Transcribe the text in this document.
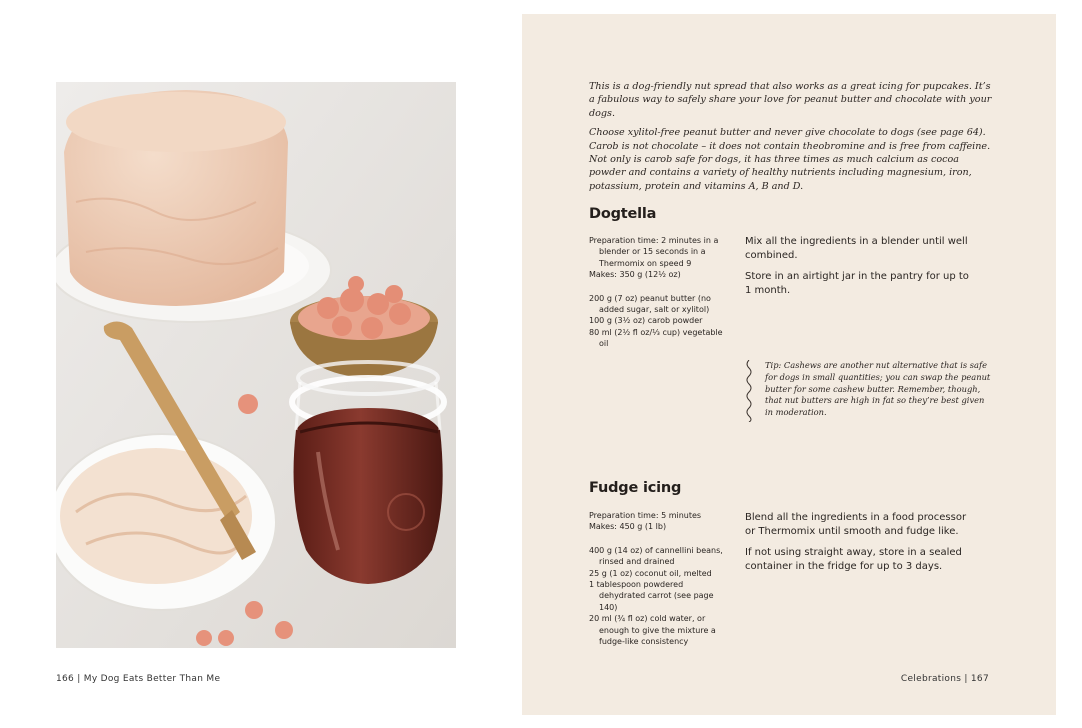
166 | My Dog Eats Better Than Me

This is a dog-friendly nut spread that also works as a great icing for pupcakes. It’s a fabulous way to safely share your love for peanut butter and chocolate with your dogs.

Choose xylitol-free peanut butter and never give chocolate to dogs (see page 64). Carob is not chocolate – it does not contain theobromine and is free from caffeine. Not only is carob safe for dogs, it has three times as much calcium as cocoa powder and contains a variety of healthy nutrients including magnesium, iron, potassium, protein and vitamins A, B and D.

Dogtella
Preparation time: 2 minutes in a blender or 15 seconds in a Thermomix on speed 9
Makes: 350 g (12½ oz)
200 g (7 oz) peanut butter (no added sugar, salt or xylitol)
100 g (3½ oz) carob powder
80 ml (2½ fl oz/⅓ cup) vegetable oil

Mix all the ingredients in a blender until well combined.

Store in an airtight jar in the pantry for up to 1 month.

Tip: Cashews are another nut alternative that is safe for dogs in small quantities; you can swap the peanut butter for some cashew butter. Remember, though, that nut butters are high in fat so they’re best given in moderation.
Fudge icing
Preparation time: 5 minutes
Makes: 450 g (1 lb)
400 g (14 oz) of cannellini beans, rinsed and drained
25 g (1 oz) coconut oil, melted
1 tablespoon powdered dehydrated carrot (see page 140)
20 ml (¾ fl oz) cold water, or enough to give the mixture a fudge-like consistency

Blend all the ingredients in a food processor or Thermomix until smooth and fudge like.

If not using straight away, store in a sealed container in the fridge for up to 3 days.

Celebrations | 167
